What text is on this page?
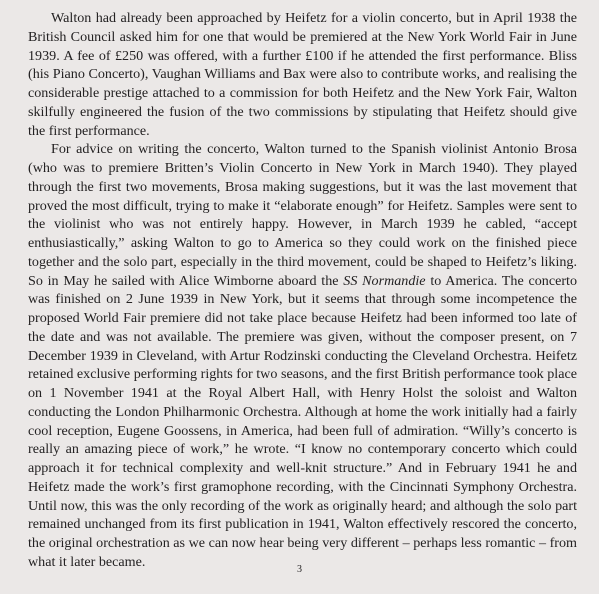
Walton had already been approached by Heifetz for a violin concerto, but in April 1938 the British Council asked him for one that would be premiered at the New York World Fair in June 1939. A fee of £250 was offered, with a further £100 if he attended the first performance. Bliss (his Piano Concerto), Vaughan Williams and Bax were also to contribute works, and realising the considerable prestige attached to a commission for both Heifetz and the New York Fair, Walton skilfully engineered the fusion of the two commissions by stipulating that Heifetz should give the first performance.

For advice on writing the concerto, Walton turned to the Spanish violinist Antonio Brosa (who was to premiere Britten’s Violin Concerto in New York in March 1940). They played through the first two movements, Brosa making suggestions, but it was the last movement that proved the most difficult, trying to make it “elaborate enough” for Heifetz. Samples were sent to the violinist who was not entirely happy. However, in March 1939 he cabled, “accept enthusiastically,” asking Walton to go to America so they could work on the finished piece together and the solo part, especially in the third movement, could be shaped to Heifetz’s liking. So in May he sailed with Alice Wimborne aboard the SS Normandie to America. The concerto was finished on 2 June 1939 in New York, but it seems that through some incompetence the proposed World Fair premiere did not take place because Heifetz had been informed too late of the date and was not available. The premiere was given, without the composer present, on 7 December 1939 in Cleveland, with Artur Rodzinski conducting the Cleveland Orchestra. Heifetz retained exclusive performing rights for two seasons, and the first British performance took place on 1 November 1941 at the Royal Albert Hall, with Henry Holst the soloist and Walton conducting the London Philharmonic Orchestra. Although at home the work initially had a fairly cool reception, Eugene Goossens, in America, had been full of admiration. “Willy’s concerto is really an amazing piece of work,” he wrote. “I know no contemporary concerto which could approach it for technical complexity and well-knit structure.” And in February 1941 he and Heifetz made the work’s first gramophone recording, with the Cincinnati Symphony Orchestra. Until now, this was the only recording of the work as originally heard; and although the solo part remained unchanged from its first publication in 1941, Walton effectively rescored the concerto, the original orchestration as we can now hear being very different – perhaps less romantic – from what it later became.	3
